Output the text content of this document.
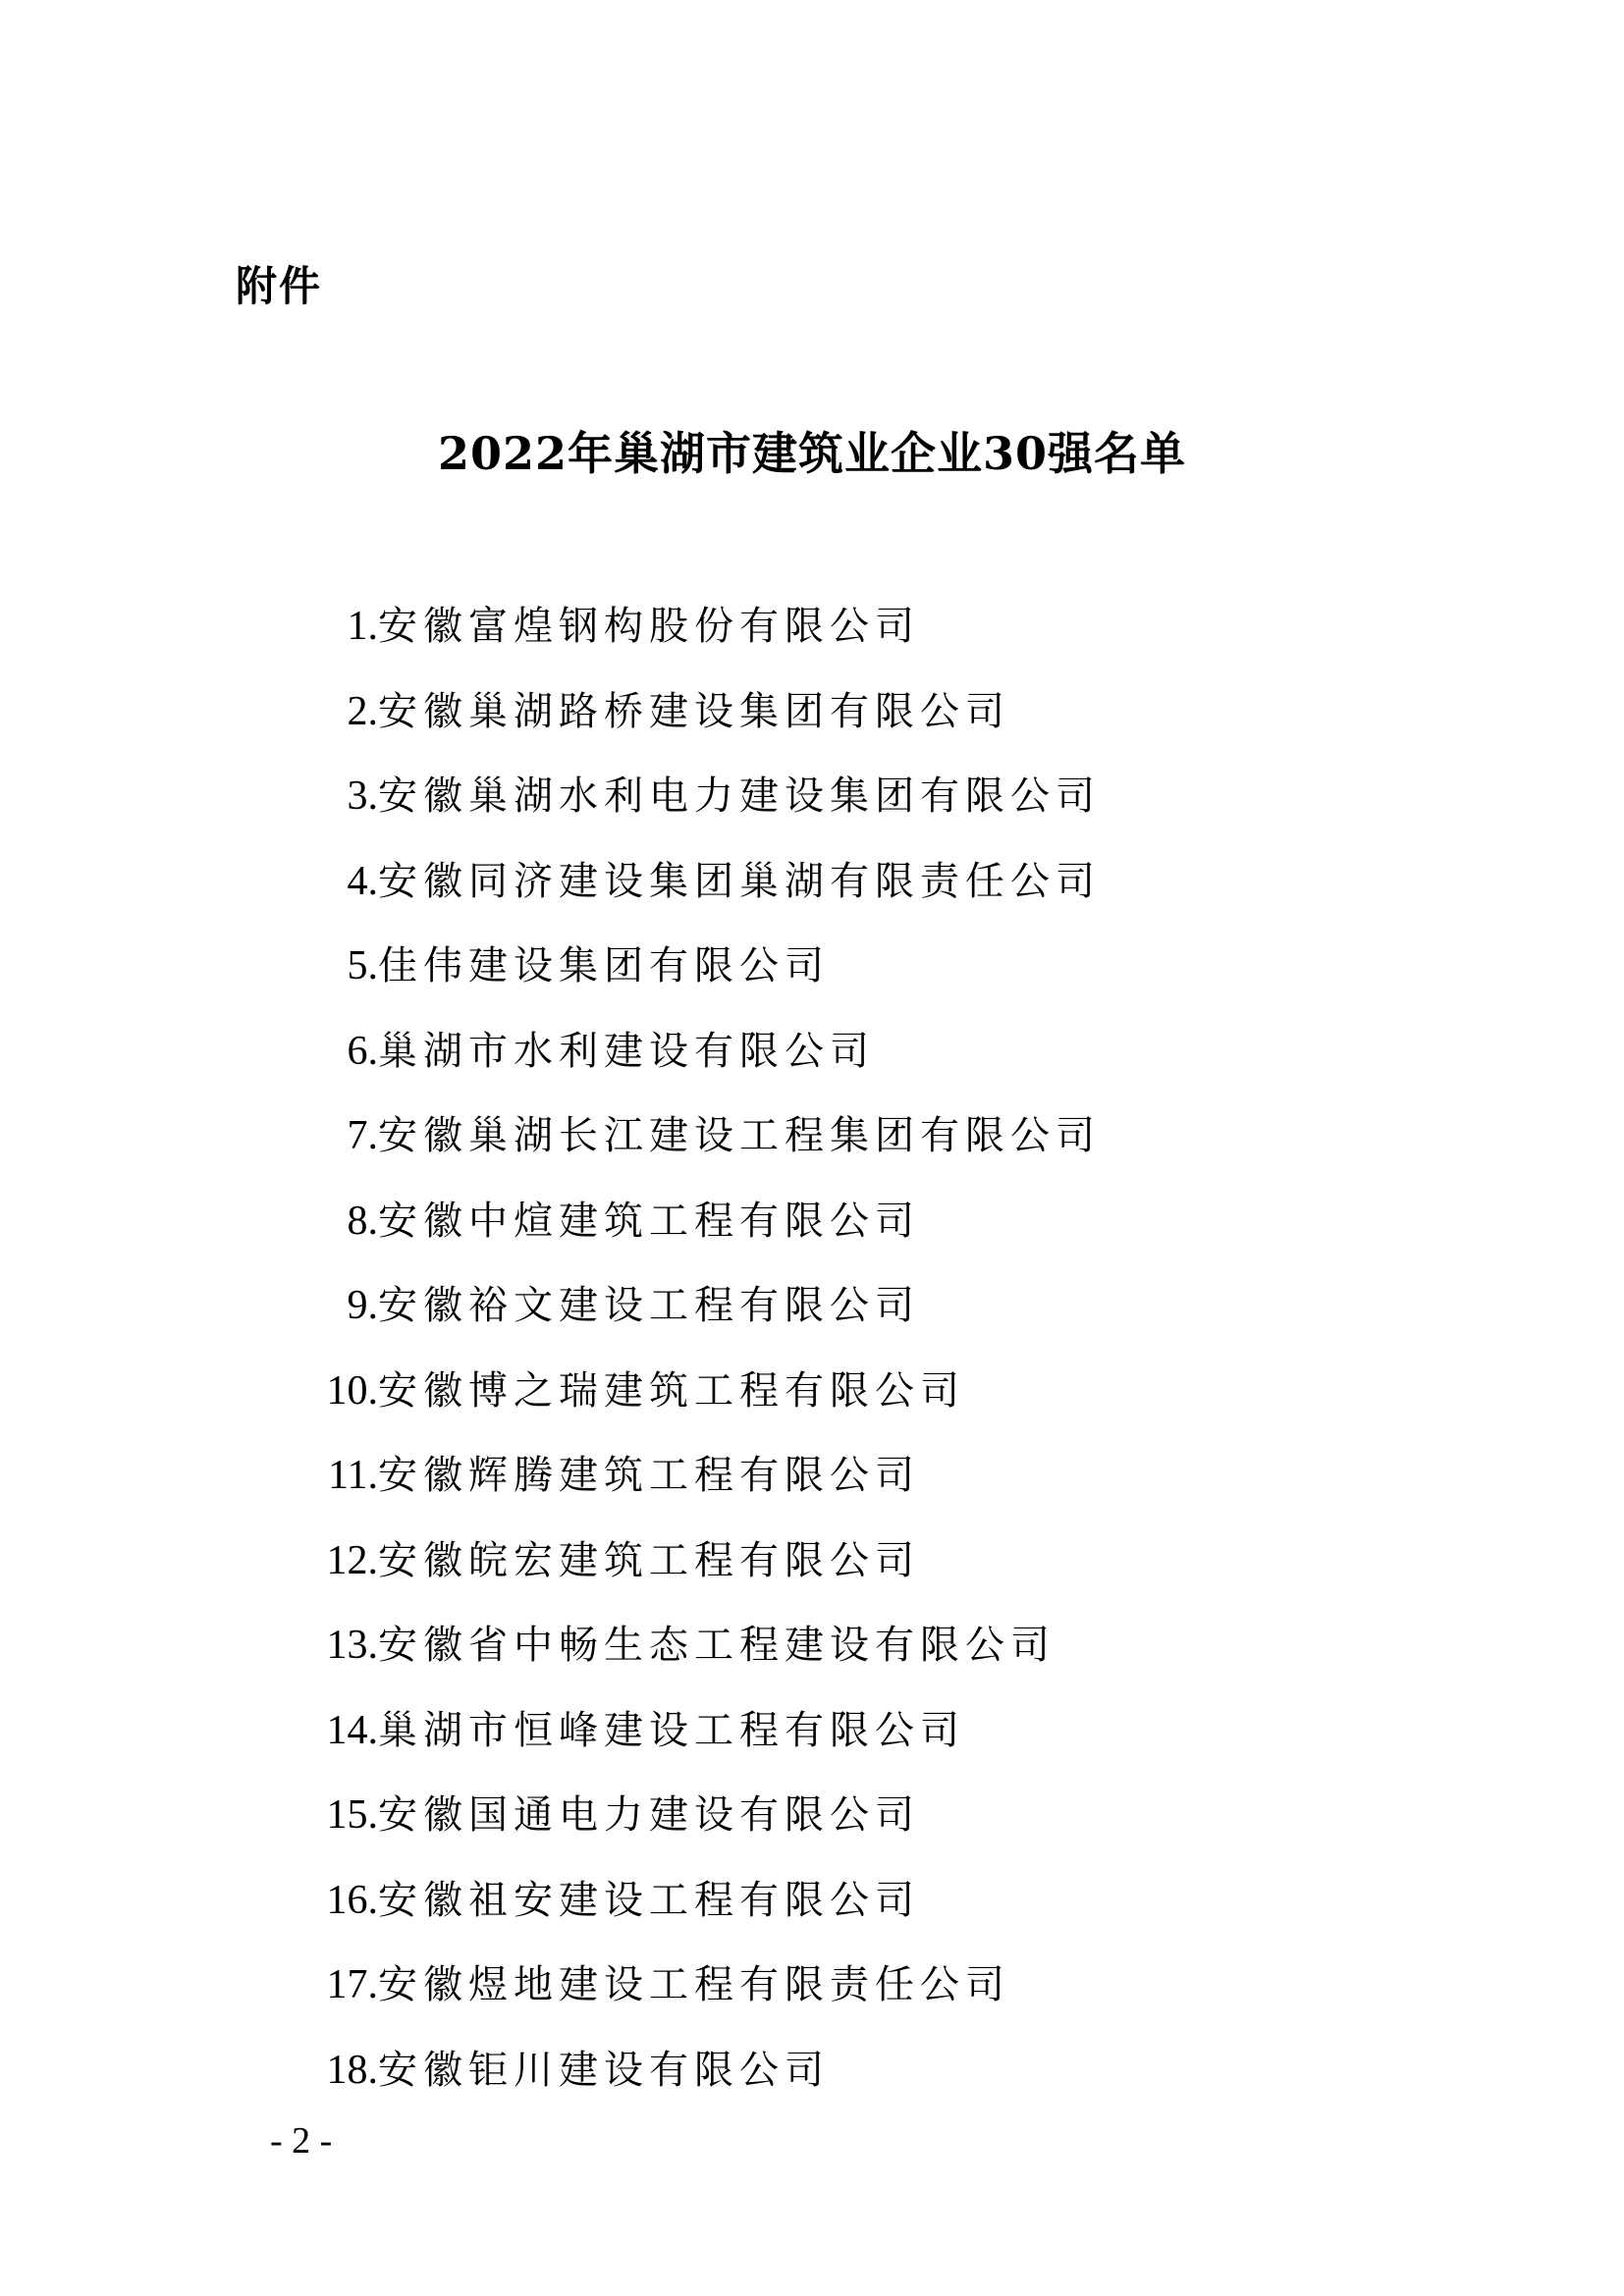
附件
2022年巢湖市建筑业企业30强名单
1. 安徽富煌钢构股份有限公司
2. 安徽巢湖路桥建设集团有限公司
3. 安徽巢湖水利电力建设集团有限公司
4. 安徽同济建设集团巢湖有限责任公司
5. 佳伟建设集团有限公司
6. 巢湖市水利建设有限公司
7. 安徽巢湖长江建设工程集团有限公司
8. 安徽中煊建筑工程有限公司
9. 安徽裕文建设工程有限公司
10. 安徽博之瑞建筑工程有限公司
11. 安徽辉腾建筑工程有限公司
12. 安徽皖宏建筑工程有限公司
13. 安徽省中畅生态工程建设有限公司
14. 巢湖市恒峰建设工程有限公司
15. 安徽国通电力建设有限公司
16. 安徽祖安建设工程有限公司
17. 安徽煜地建设工程有限责任公司
18. 安徽钜川建设有限公司
- 2 -
